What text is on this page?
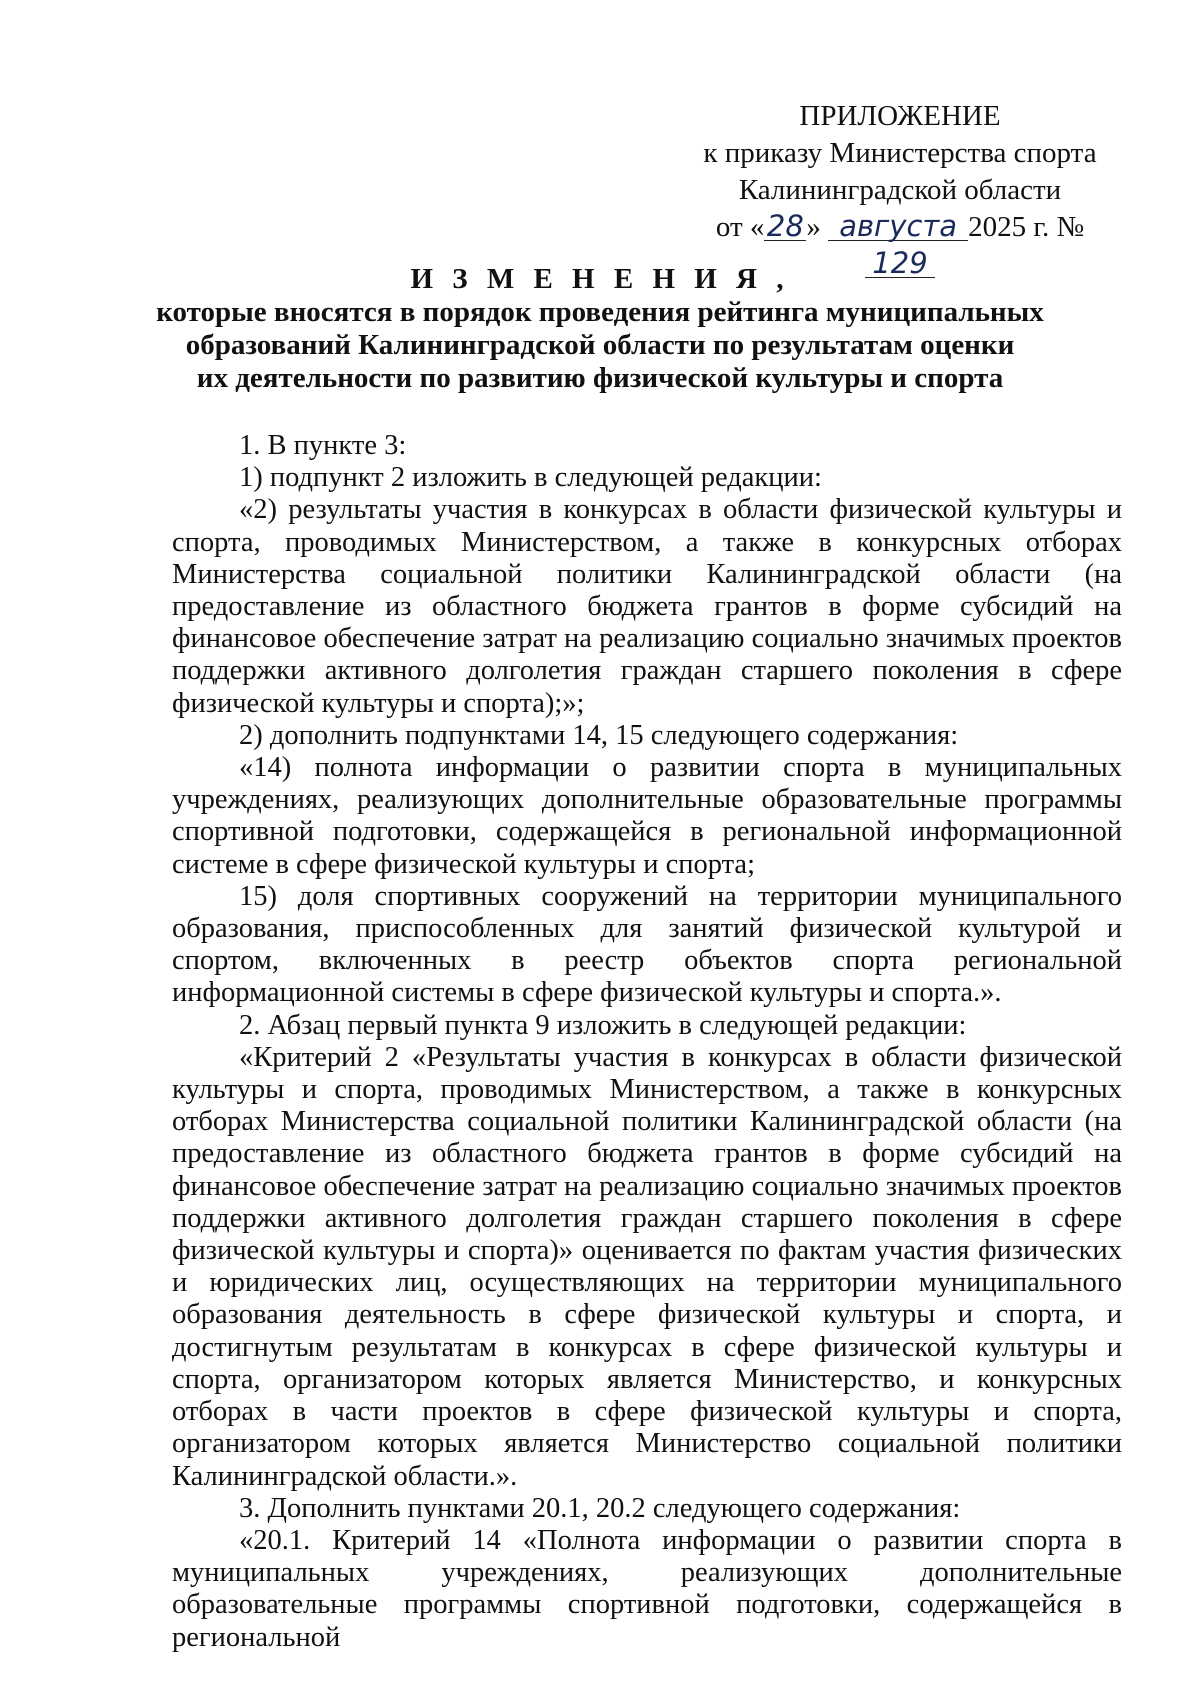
ПРИЛОЖЕНИЕ
к приказу Министерства спорта
Калининградской области
от «28» августа 2025 г. № 129
И З М Е Н Е Н И Я ,
которые вносятся в порядок проведения рейтинга муниципальных
образований Калининградской области по результатам оценки
их деятельности по развитию физической культуры и спорта

1. В пункте 3:

1) подпункт 2 изложить в следующей редакции:

«2) результаты участия в конкурсах в области физической культуры и спорта, проводимых Министерством, а также в конкурсных отборах Министерства социальной политики Калининградской области (на предоставление из областного бюджета грантов в форме субсидий на финансовое обеспечение затрат на реализацию социально значимых проектов поддержки активного долголетия граждан старшего поколения в сфере физической культуры и спорта);»;

2) дополнить подпунктами 14, 15 следующего содержания:

«14) полнота информации о развитии спорта в муниципальных учреждениях, реализующих дополнительные образовательные программы спортивной подготовки, содержащейся в региональной информационной системе в сфере физической культуры и спорта;

15) доля спортивных сооружений на территории муниципального образования, приспособленных для занятий физической культурой и спортом, включенных в реестр объектов спорта региональной информационной системы в сфере физической культуры и спорта.».

2. Абзац первый пункта 9 изложить в следующей редакции:

«Критерий 2 «Результаты участия в конкурсах в области физической культуры и спорта, проводимых Министерством, а также в конкурсных отборах Министерства социальной политики Калининградской области (на предоставление из областного бюджета грантов в форме субсидий на финансовое обеспечение затрат на реализацию социально значимых проектов поддержки активного долголетия граждан старшего поколения в сфере физической культуры и спорта)» оценивается по фактам участия физических и юридических лиц, осуществляющих на территории муниципального образования деятельность в сфере физической культуры и спорта, и достигнутым результатам в конкурсах в сфере физической культуры и спорта, организатором которых является Министерство, и конкурсных отборах в части проектов в сфере физической культуры и спорта, организатором которых является Министерство социальной политики Калининградской области.».

3. Дополнить пунктами 20.1, 20.2 следующего содержания:

«20.1. Критерий 14 «Полнота информации о развитии спорта в муниципальных учреждениях, реализующих дополнительные образовательные программы спортивной подготовки, содержащейся в региональной
